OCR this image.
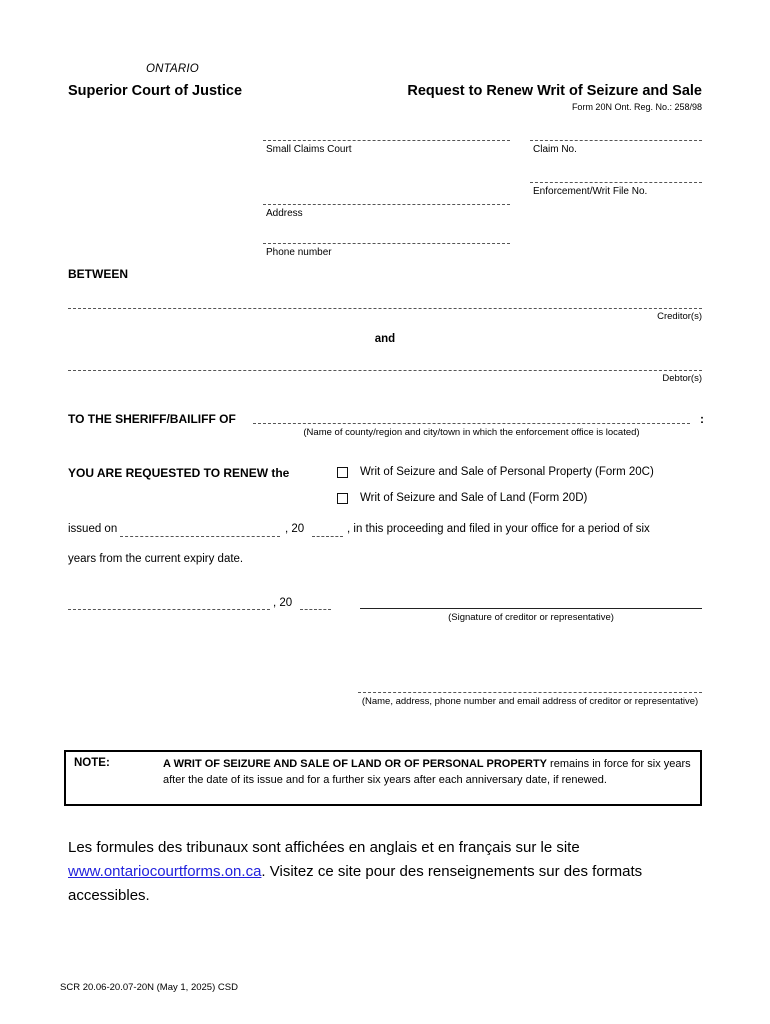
ONTARIO
Superior Court of Justice	Request to Renew Writ of Seizure and Sale
Form 20N Ont. Reg. No.: 258/98
Small Claims Court
Address
Phone number
Claim No.
Enforcement/Writ File No.
BETWEEN
Creditor(s)
and
Debtor(s)
TO THE SHERIFF/BAILIFF OF	:
(Name of county/region and city/town in which the enforcement office is located)
YOU ARE REQUESTED TO RENEW the	Writ of Seizure and Sale of Personal Property (Form 20C)
Writ of Seizure and Sale of Land (Form 20D)
issued on	, 20	, in this proceeding and filed in your office for a period of six
years from the current expiry date.
, 20
(Signature of creditor or representative)
(Name, address, phone number and email address of creditor or representative)
NOTE:	A WRIT OF SEIZURE AND SALE OF LAND OR OF PERSONAL PROPERTY remains in force for six years after the date of its issue and for a further six years after each anniversary date, if renewed.
Les formules des tribunaux sont affichées en anglais et en français sur le site www.ontariocourtforms.on.ca. Visitez ce site pour des renseignements sur des formats accessibles.
SCR 20.06-20.07-20N (May 1, 2025) CSD
